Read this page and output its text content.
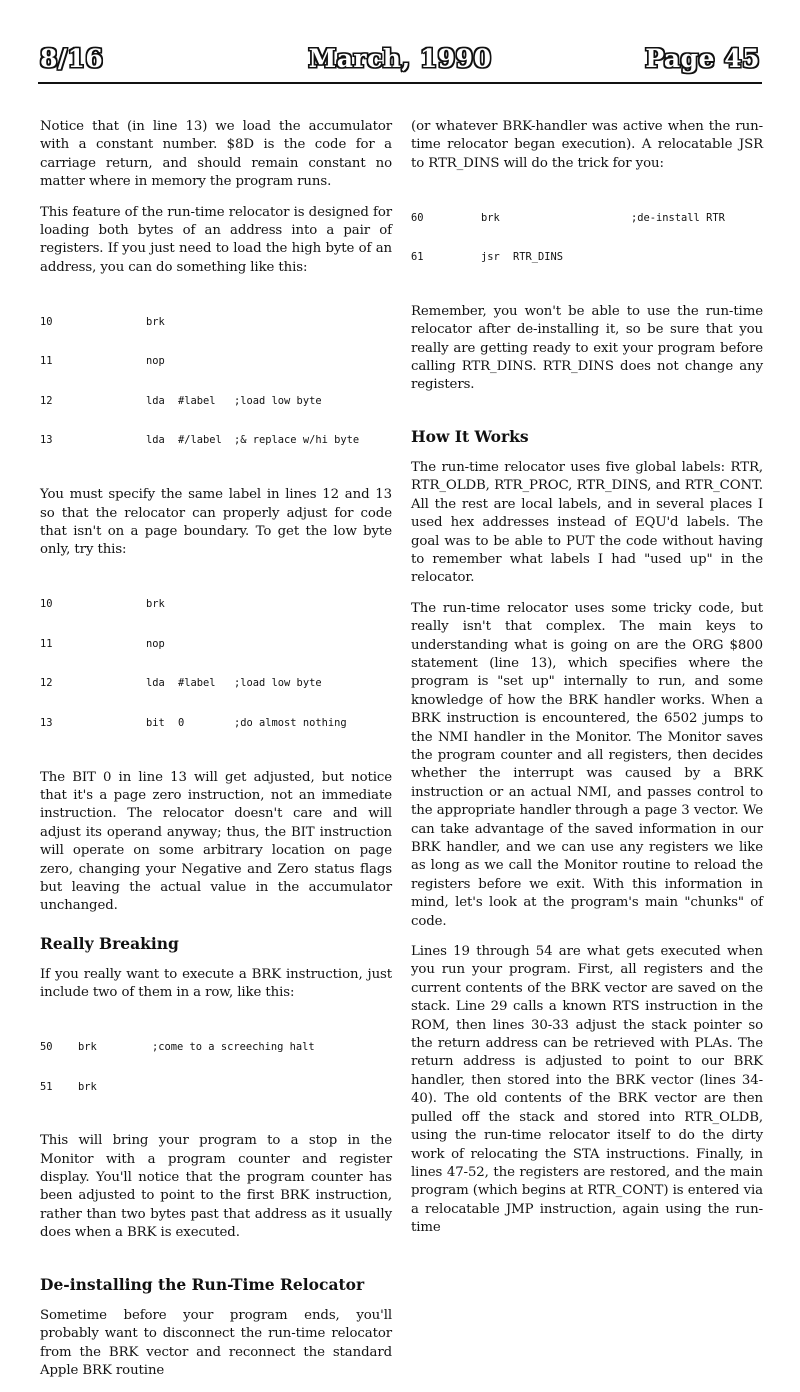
8/16	March, 1990	Page 45

Notice that (in line 13) we load the accumulator with a constant number. $8D is the code for a carriage return, and should remain constant no matter where in memory the program runs.

This feature of the run-time relocator is designed for loading both bytes of an address into a pair of registers. If you just need to load the high byte of an address, you can do something like this:

10	brk

11	nop

12	lda	#label	;load low byte

13	lda	#/label	;& replace w/hi byte

You must specify the same label in lines 12 and 13 so that the relocator can properly adjust for code that isn't on a page boundary. To get the low byte only, try this:

10	brk

11	nop

12	lda	#label	;load low byte

13	bit	0	;do almost nothing

The BIT 0 in line 13 will get adjusted, but notice that it's a page zero instruction, not an immediate instruction. The relocator doesn't care and will adjust its operand anyway; thus, the BIT instruction will operate on some arbitrary location on page zero, changing your Negative and Zero status flags but leaving the actual value in the accumulator unchanged.

Really Breaking

If you really want to execute a BRK instruction, just include two of them in a row, like this:

50	brk	;come to a screeching halt

51	brk

This will bring your program to a stop in the Monitor with a program counter and register display. You'll notice that the program counter has been adjusted to point to the first BRK instruction, rather than two bytes past that address as it usually does when a BRK is executed.

De-installing the Run-Time Relocator

Sometime before your program ends, you'll probably want to disconnect the run-time relocator from the BRK vector and reconnect the standard Apple BRK routine

(or whatever BRK-handler was active when the run-time relocator began execution). A relocatable JSR to RTR_DINS will do the trick for you:

60	brk	;de-install RTR

61	jsr	RTR_DINS

Remember, you won't be able to use the run-time relocator after de-installing it, so be sure that you really are getting ready to exit your program before calling RTR_DINS. RTR_DINS does not change any registers.

How It Works

The run-time relocator uses five global labels: RTR, RTR_OLDB, RTR_PROC, RTR_DINS, and RTR_CONT. All the rest are local labels, and in several places I used hex addresses instead of EQU'd labels. The goal was to be able to PUT the code without having to remember what labels I had "used up" in the relocator.

The run-time relocator uses some tricky code, but really isn't that complex. The main keys to understanding what is going on are the ORG $800 statement (line 13), which specifies where the program is "set up" internally to run, and some knowledge of how the BRK handler works. When a BRK instruction is encountered, the 6502 jumps to the NMI handler in the Monitor. The Monitor saves the program counter and all registers, then decides whether the interrupt was caused by a BRK instruction or an actual NMI, and passes control to the appropriate handler through a page 3 vector. We can take advantage of the saved information in our BRK handler, and we can use any registers we like as long as we call the Monitor routine to reload the registers before we exit. With this information in mind, let's look at the program's main "chunks" of code.

Lines 19 through 54 are what gets executed when you run your program. First, all registers and the current contents of the BRK vector are saved on the stack. Line 29 calls a known RTS instruction in the ROM, then lines 30-33 adjust the stack pointer so the return address can be retrieved with PLAs. The return address is adjusted to point to our BRK handler, then stored into the BRK vector (lines 34-40). The old contents of the BRK vector are then pulled off the stack and stored into RTR_OLDB, using the run-time relocator itself to do the dirty work of relocating the STA instructions. Finally, in lines 47-52, the registers are restored, and the main program (which begins at RTR_CONT) is entered via a relocatable JMP instruction, again using the run-time
